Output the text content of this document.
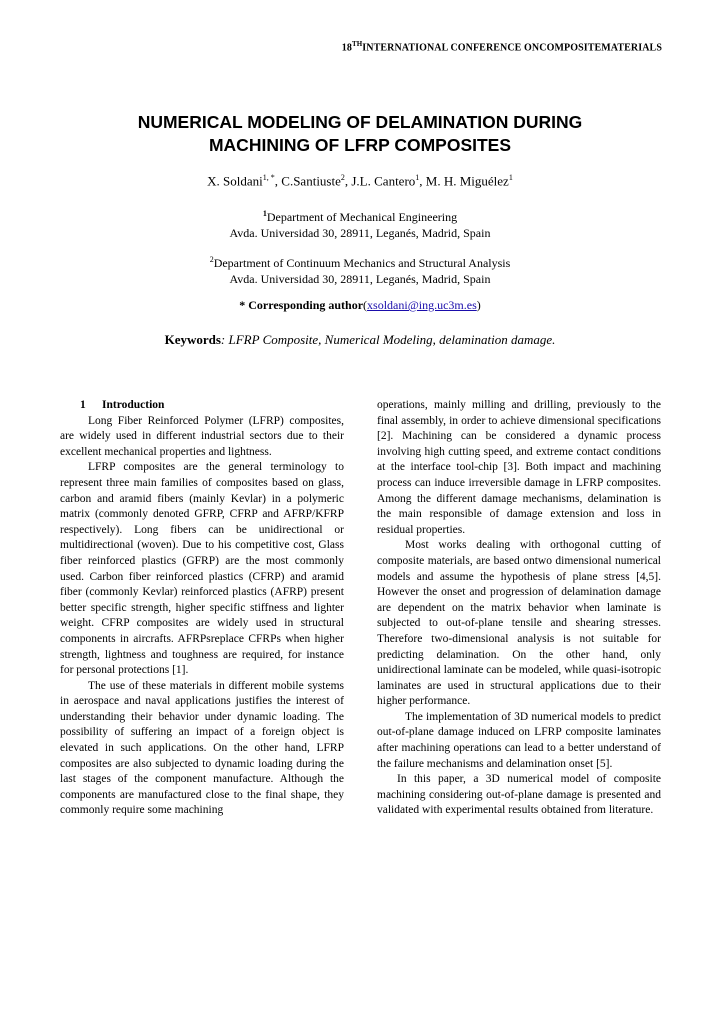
18THINTERNATIONAL CONFERENCE ONCOMPOSITEMATERIALS
NUMERICAL MODELING OF DELAMINATION DURING
MACHINING OF LFRP COMPOSITES
X. Soldani$^{1, *}$, C.Santiuste$^2$, J.L. Cantero$^1$, M. H. Miguélez$^1$
$^1$Department of Mechanical Engineering
Avda. Universidad 30, 28911, Leganés, Madrid, Spain
$^2$Department of Continuum Mechanics and Structural Analysis
Avda. Universidad 30, 28911, Leganés, Madrid, Spain
* Corresponding author(xsoldani@ing.uc3m.es)
Keywords: LFRP Composite, Numerical Modeling, delamination damage.

1 Introduction

Long Fiber Reinforced Polymer (LFRP) composites, are widely used in different industrial sectors due to their excellent mechanical properties and lightness.

LFRP composites are the general terminology to represent three main families of composites based on glass, carbon and aramid fibers (mainly Kevlar) in a polymeric matrix (commonly denoted GFRP, CFRP and AFRP/KFRP respectively). Long fibers can be unidirectional or multidirectional (woven). Due to his competitive cost, Glass fiber reinforced plastics (GFRP) are the most commonly used. Carbon fiber reinforced plastics (CFRP) and aramid fiber (commonly Kevlar) reinforced plastics (AFRP) present better specific strength, higher specific stiffness and lighter weight. CFRP composites are widely used in structural components in aircrafts. AFRPsreplace CFRPs when higher strength, lightness and toughness are required, for instance for personal protections [1].

The use of these materials in different mobile systems in aerospace and naval applications justifies the interest of understanding their behavior under dynamic loading. The possibility of suffering an impact of a foreign object is elevated in such applications. On the other hand, LFRP composites are also subjected to dynamic loading during the last stages of the component manufacture. Although the components are manufactured close to the final shape, they commonly require some machining

operations, mainly milling and drilling, previously to the final assembly, in order to achieve dimensional specifications [2]. Machining can be considered a dynamic process involving high cutting speed, and extreme contact conditions at the interface tool-chip [3]. Both impact and machining process can induce irreversible damage in LFRP composites. Among the different damage mechanisms, delamination is the main responsible of damage extension and loss in residual properties.

Most works dealing with orthogonal cutting of composite materials, are based ontwo dimensional numerical models and assume the hypothesis of plane stress [4,5]. However the onset and progression of delamination damage are dependent on the matrix behavior when laminate is subjected to out-of-plane tensile and shearing stresses. Therefore two-dimensional analysis is not suitable for predicting delamination. On the other hand, only unidirectional laminate can be modeled, while quasi-isotropic laminates are used in structural applications due to their higher performance.

The implementation of 3D numerical models to predict out-of-plane damage induced on LFRP composite laminates after machining operations can lead to a better understand of the failure mechanisms and delamination onset [5].

In this paper, a 3D numerical model of composite machining considering out-of-plane damage is presented and validated with experimental results obtained from literature.
